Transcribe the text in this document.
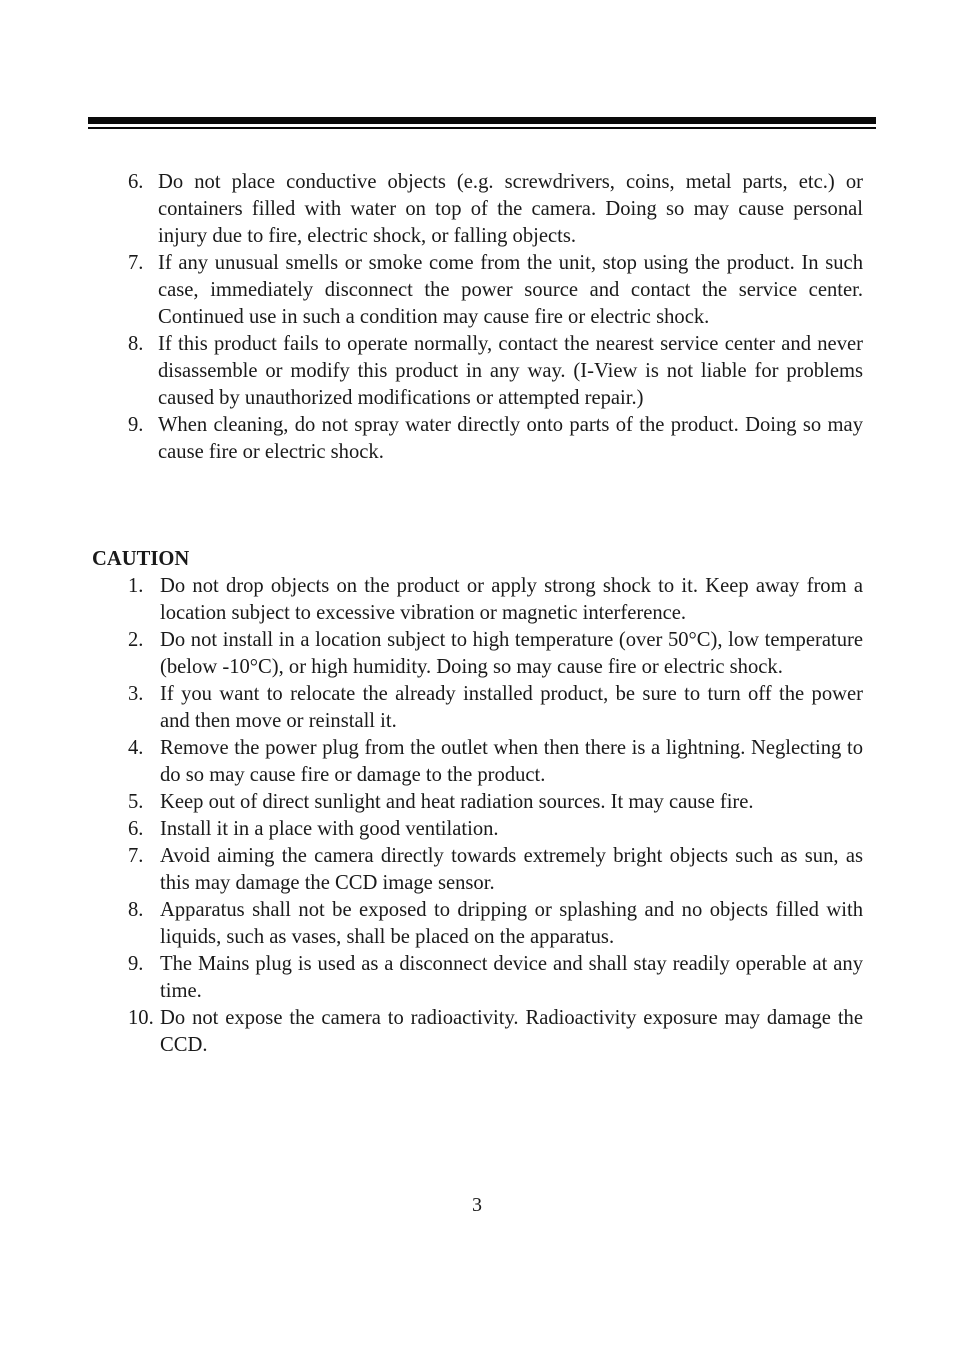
6. Do not place conductive objects (e.g. screwdrivers, coins, metal parts, etc.) or containers filled with water on top of the camera. Doing so may cause personal injury due to fire, electric shock, or falling objects.
7. If any unusual smells or smoke come from the unit, stop using the product. In such case, immediately disconnect the power source and contact the service center. Continued use in such a condition may cause fire or electric shock.
8. If this product fails to operate normally, contact the nearest service center and never disassemble or modify this product in any way. (I-View is not liable for problems caused by unauthorized modifications or attempted repair.)
9. When cleaning, do not spray water directly onto parts of the product. Doing so may cause fire or electric shock.
CAUTION
1. Do not drop objects on the product or apply strong shock to it. Keep away from a location subject to excessive vibration or magnetic interference.
2. Do not install in a location subject to high temperature (over 50°C), low temperature (below -10°C), or high humidity. Doing so may cause fire or electric shock.
3. If you want to relocate the already installed product, be sure to turn off the power and then move or reinstall it.
4. Remove the power plug from the outlet when then there is a lightning. Neglecting to do so may cause fire or damage to the product.
5. Keep out of direct sunlight and heat radiation sources. It may cause fire.
6. Install it in a place with good ventilation.
7. Avoid aiming the camera directly towards extremely bright objects such as sun, as this may damage the CCD image sensor.
8. Apparatus shall not be exposed to dripping or splashing and no objects filled with liquids, such as vases, shall be placed on the apparatus.
9. The Mains plug is used as a disconnect device and shall stay readily operable at any time.
10. Do not expose the camera to radioactivity. Radioactivity exposure may damage the CCD.
3
